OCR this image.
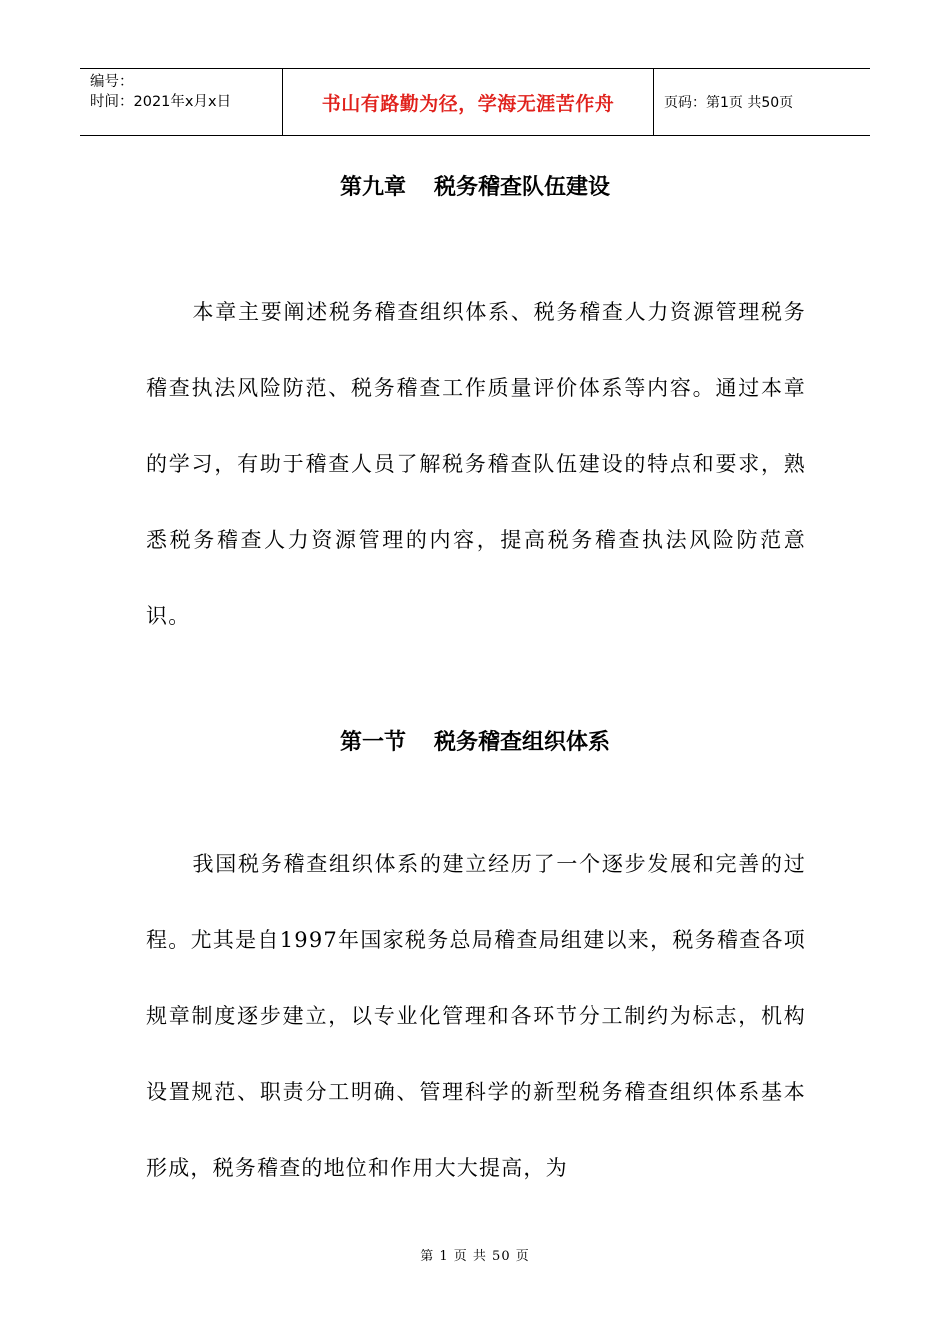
编号：
时间：2021年x月x日	书山有路勤为径，学海无涯苦作舟	页码：第1页 共50页
第九章 税务稽查队伍建设
本章主要阐述税务稽查组织体系、税务稽查人力资源管理税务稽查执法风险防范、税务稽查工作质量评价体系等内容。通过本章的学习，有助于稽查人员了解税务稽查队伍建设的特点和要求，熟悉税务稽查人力资源管理的内容，提高税务稽查执法风险防范意识。
第一节 税务稽查组织体系
我国税务稽查组织体系的建立经历了一个逐步发展和完善的过程。尤其是自1997年国家税务总局稽查局组建以来，税务稽查各项规章制度逐步建立，以专业化管理和各环节分工制约为标志，机构设置规范、职责分工明确、管理科学的新型税务稽查组织体系基本形成，税务稽查的地位和作用大大提高，为
第 1 页 共 50 页
